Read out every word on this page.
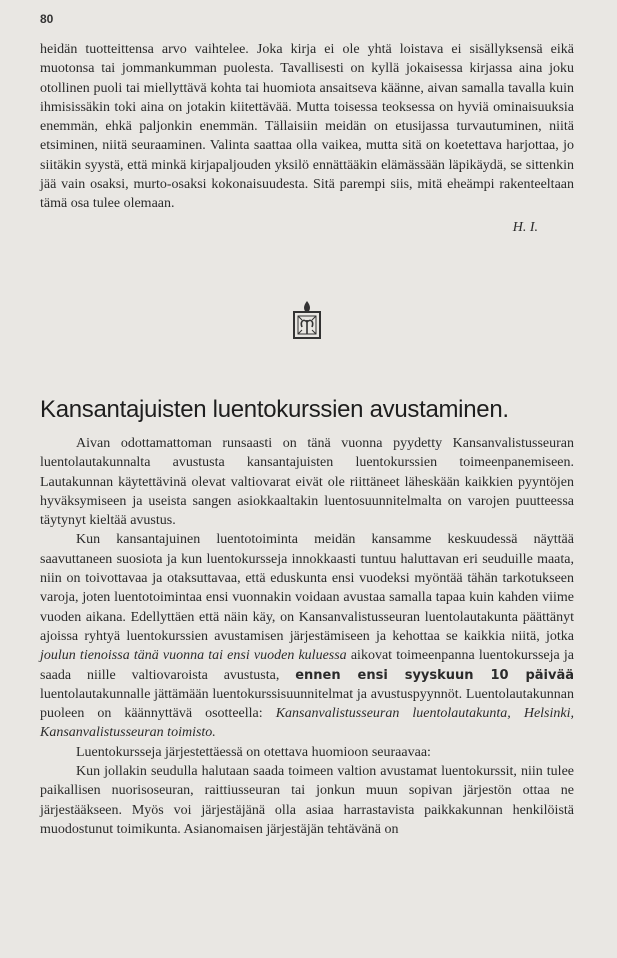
80

heidän tuotteittensa arvo vaihtelee. Joka kirja ei ole yhtä loistava ei sisällyksensä eikä muotonsa tai jommankumman puolesta. Tavallisesti on kyllä jokaisessa kirjassa aina joku otollinen puoli tai miellyttävä kohta tai huomiota ansaitseva käänne, aivan samalla tavalla kuin ihmisissäkin toki aina on jotakin kiitettävää. Mutta toisessa teoksessa on hyviä ominaisuuksia enemmän, ehkä paljonkin enemmän. Tällaisiin meidän on etusijassa turvautuminen, niitä etsiminen, niitä seuraaminen. Valinta saattaa olla vaikea, mutta sitä on koetettava harjottaa, jo siitäkin syystä, että minkä kirjapaljouden yksilö ennättääkin elämässään läpikäydä, se sittenkin jää vain osaksi, murto-osaksi kokonaisuudesta. Sitä parempi siis, mitä eheämpi rakenteeltaan tämä osa tulee olemaan.

H. I.
Kansantajuisten luentokurssien avustaminen.

Aivan odottamattoman runsaasti on tänä vuonna pyydetty Kansanvalistusseuran luentolautakunnalta avustusta kansantajuisten luentokurssien toimeenpanemiseen. Lautakunnan käytettävinä olevat valtiovarat eivät ole riittäneet läheskään kaikkien pyyntöjen hyväksymiseen ja useista sangen asiokkaaltakin luentosuunnitelmalta on varojen puutteessa täytynyt kieltää avustus.

Kun kansantajuinen luentotoiminta meidän kansamme keskuudessä näyttää saavuttaneen suosiota ja kun luentokursseja innokkaasti tuntuu haluttavan eri seuduille maata, niin on toivottavaa ja otaksuttavaa, että eduskunta ensi vuodeksi myöntää tähän tarkotukseen varoja, joten luentotoimintaa ensi vuonnakin voidaan avustaa samalla tapaa kuin kahden viime vuoden aikana. Edellyttäen että näin käy, on Kansanvalistusseuran luentolautakunta päättänyt ajoissa ryhtyä luentokurssien avustamisen järjestämiseen ja kehottaa se kaikkia niitä, jotka joulun tienoissa tänä vuonna tai ensi vuoden kuluessa aikovat toimeenpanna luentokursseja ja saada niille valtiovaroista avustusta, ennen ensi syyskuun 10 päivää luentolautakunnalle jättämään luentokurssisuunnitelmat ja avustuspyynnöt. Luentolautakunnan puoleen on käännyttävä osotteella: Kansanvalistusseuran luentolautakunta, Helsinki, Kansanvalistusseuran toimisto.

Luentokursseja järjestettäessä on otettava huomioon seuraavaa:

Kun jollakin seudulla halutaan saada toimeen valtion avustamat luentokurssit, niin tulee paikallisen nuorisoseuran, raittiusseuran tai jonkun muun sopivan järjestön ottaa ne järjestääkseen. Myös voi järjestäjänä olla asiaa harrastavista paikkakunnan henkilöistä muodostunut toimikunta. Asianomaisen järjestäjän tehtävänä on
